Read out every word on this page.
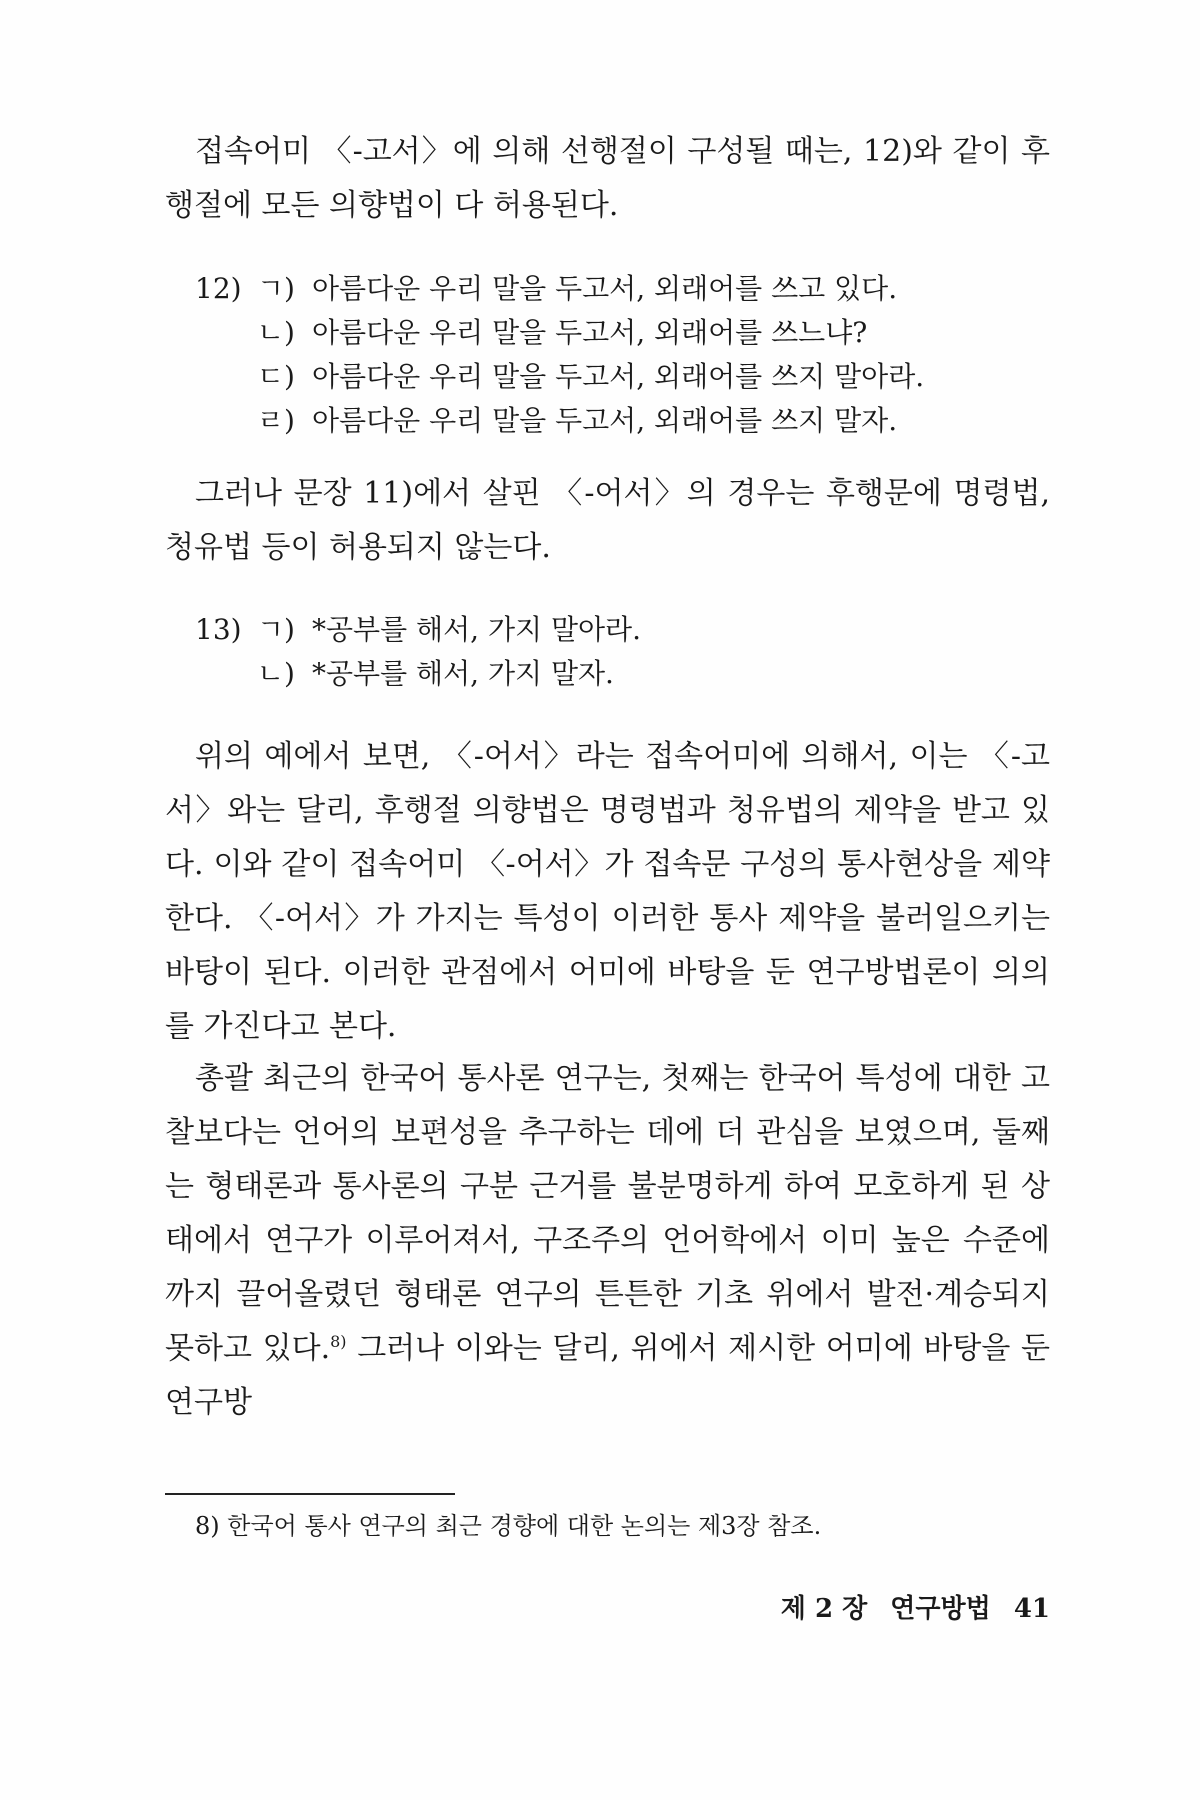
접속어미 〈-고서〉에 의해 선행절이 구성될 때는, 12)와 같이 후행절에 모든 의향법이 다 허용된다.

12) ㄱ) 아름다운 우리 말을 두고서, 외래어를 쓰고 있다.
ㄴ) 아름다운 우리 말을 두고서, 외래어를 쓰느냐?
ㄷ) 아름다운 우리 말을 두고서, 외래어를 쓰지 말아라.
ㄹ) 아름다운 우리 말을 두고서, 외래어를 쓰지 말자.

그러나 문장 11)에서 살핀 〈-어서〉의 경우는 후행문에 명령법, 청유법 등이 허용되지 않는다.

13) ㄱ) *공부를 해서, 가지 말아라.
ㄴ) *공부를 해서, 가지 말자.

위의 예에서 보면, 〈-어서〉라는 접속어미에 의해서, 이는 〈-고서〉와는 달리, 후행절 의향법은 명령법과 청유법의 제약을 받고 있다. 이와 같이 접속어미 〈-어서〉가 접속문 구성의 통사현상을 제약한다. 〈-어서〉가 가지는 특성이 이러한 통사 제약을 불러일으키는 바탕이 된다. 이러한 관점에서 어미에 바탕을 둔 연구방법론이 의의를 가진다고 본다.

총괄 최근의 한국어 통사론 연구는, 첫째는 한국어 특성에 대한 고찰보다는 언어의 보편성을 추구하는 데에 더 관심을 보였으며, 둘째는 형태론과 통사론의 구분 근거를 불분명하게 하여 모호하게 된 상태에서 연구가 이루어져서, 구조주의 언어학에서 이미 높은 수준에까지 끌어올렸던 형태론 연구의 튼튼한 기초 위에서 발전·계승되지 못하고 있다.$^{8)}$ 그러나 이와는 달리, 위에서 제시한 어미에 바탕을 둔 연구방

8) 한국어 통사 연구의 최근 경향에 대한 논의는 제3장 참조.
제 2 장 연구방법 41
